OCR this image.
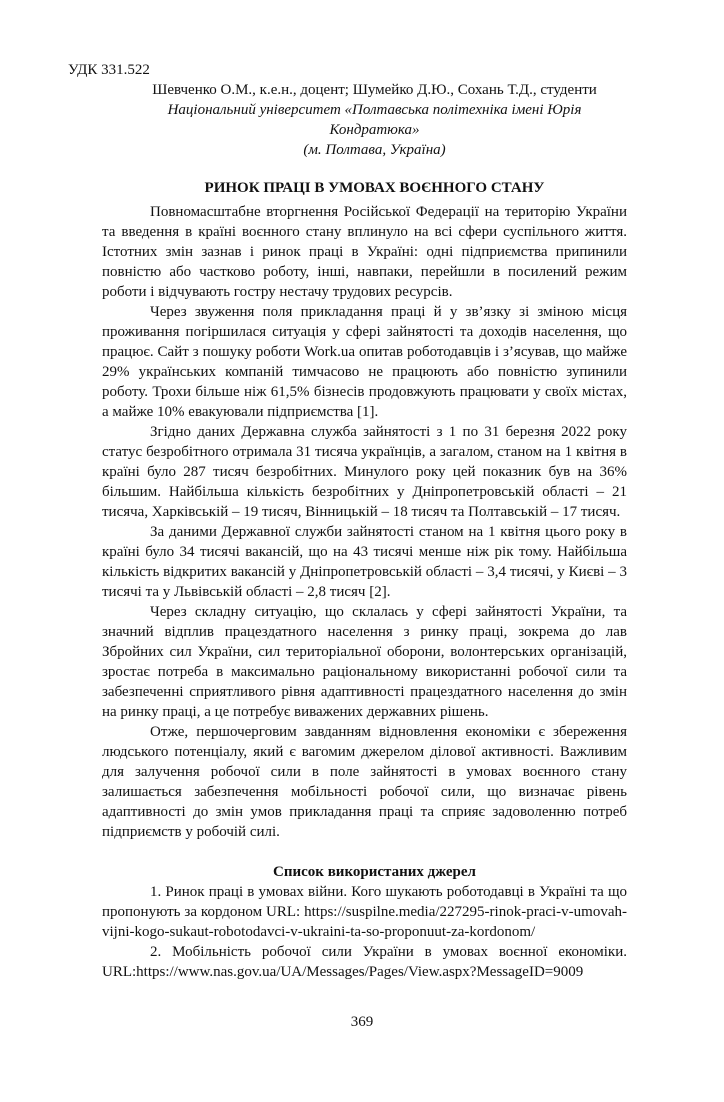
УДК 331.522
Шевченко О.М., к.е.н., доцент; Шумейко Д.Ю., Сохань Т.Д., студенти
Національний університет «Полтавська політехніка імені Юрія Кондратюка»
(м. Полтава, Україна)
РИНОК ПРАЦІ В УМОВАХ ВОЄННОГО СТАНУ

Повномасштабне вторгнення Російської Федерації на територію України та введення в країні воєнного стану вплинуло на всі сфери суспільного життя. Істотних змін зазнав і ринок праці в Україні: одні підприємства припинили повністю або частково роботу, інші, навпаки, перейшли в посилений режим роботи і відчувають гостру нестачу трудових ресурсів.

Через звуження поля прикладання праці й у зв’язку зі зміною місця проживання погіршилася ситуація у сфері зайнятості та доходів населення, що працює. Сайт з пошуку роботи Work.ua опитав роботодавців і з’ясував, що майже 29% українських компаній тимчасово не працюють або повністю зупинили роботу. Трохи більше ніж 61,5% бізнесів продовжують працювати у своїх містах, а майже 10% евакуювали підприємства [1].

Згідно даних Державна служба зайнятості з 1 по 31 березня 2022 року статус безробітного отримала 31 тисяча українців, а загалом, станом на 1 квітня в країні було 287 тисяч безробітних. Минулого року цей показник був на 36% більшим. Найбільша кількість безробітних у Дніпропетровській області – 21 тисяча, Харківській – 19 тисяч, Вінницькій – 18 тисяч та Полтавській – 17 тисяч.

За даними Державної служби зайнятості станом на 1 квітня цього року в країні було 34 тисячі вакансій, що на 43 тисячі менше ніж рік тому. Найбільша кількість відкритих вакансій у Дніпропетровській області – 3,4 тисячі, у Києві – 3 тисячі та у Львівській області – 2,8 тисяч [2].

Через складну ситуацію, що склалась у сфері зайнятості України, та значний відплив працездатного населення з ринку праці, зокрема до лав Збройних сил України, сил територіальної оборони, волонтерських організацій, зростає потреба в максимально раціональному використанні робочої сили та забезпеченні сприятливого рівня адаптивності працездатного населення до змін на ринку праці, а це потребує виважених державних рішень.

Отже, першочерговим завданням відновлення економіки є збереження людського потенціалу, який є вагомим джерелом ділової активності. Важливим для залучення робочої сили в поле зайнятості в умовах воєнного стану залишається забезпечення мобільності робочої сили, що визначає рівень адаптивності до змін умов прикладання праці та сприяє задоволенню потреб підприємств у робочій силі.

Список використаних джерел

1. Ринок праці в умовах війни. Кого шукають роботодавці в Україні та що пропонують за кордоном URL: https://suspilne.media/227295-rinok-praci-v-umovah-vijni-kogo-sukaut-robotodavci-v-ukraini-ta-so-proponuut-za-kordonom/

2. Мобільність робочої сили України в умовах воєнної економіки. URL:https://www.nas.gov.ua/UA/Messages/Pages/View.aspx?MessageID=9009

369
